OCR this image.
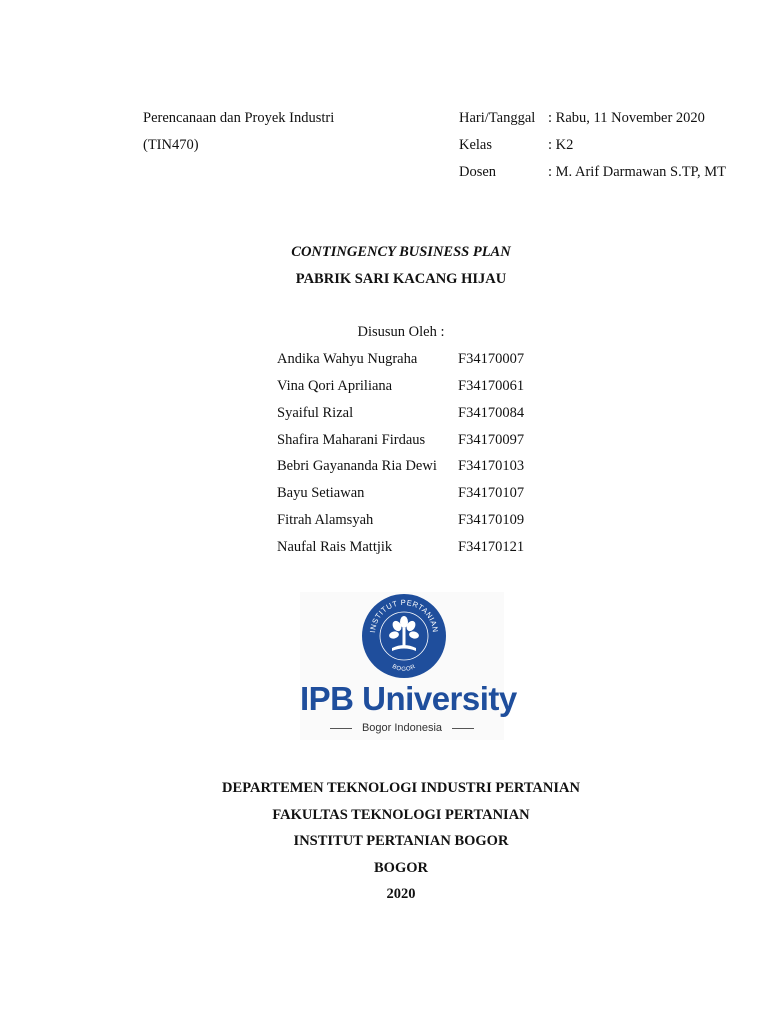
Perencanaan dan Proyek Industri
(TIN470)
Hari/Tanggal : Rabu, 11 November 2020
Kelas	: K2
Dosen	: M. Arif Darmawan S.TP, MT
CONTINGENCY BUSINESS PLAN
PABRIK SARI KACANG HIJAU
Disusun Oleh :
Andika Wahyu Nugraha	F34170007
Vina Qori Apriliana	F34170061
Syaiful Rizal	F34170084
Shafira Maharani Firdaus F34170097
Bebri Gayananda Ria Dewi F34170103
Bayu Setiawan	F34170107
Fitrah Alamsyah	F34170109
Naufal Rais Mattjik	F34170121
INSTITUT PERTANIAN
BOGOR
IPB University
Bogor Indonesia
DEPARTEMEN TEKNOLOGI INDUSTRI PERTANIAN
FAKULTAS TEKNOLOGI PERTANIAN
INSTITUT PERTANIAN BOGOR
BOGOR
2020
